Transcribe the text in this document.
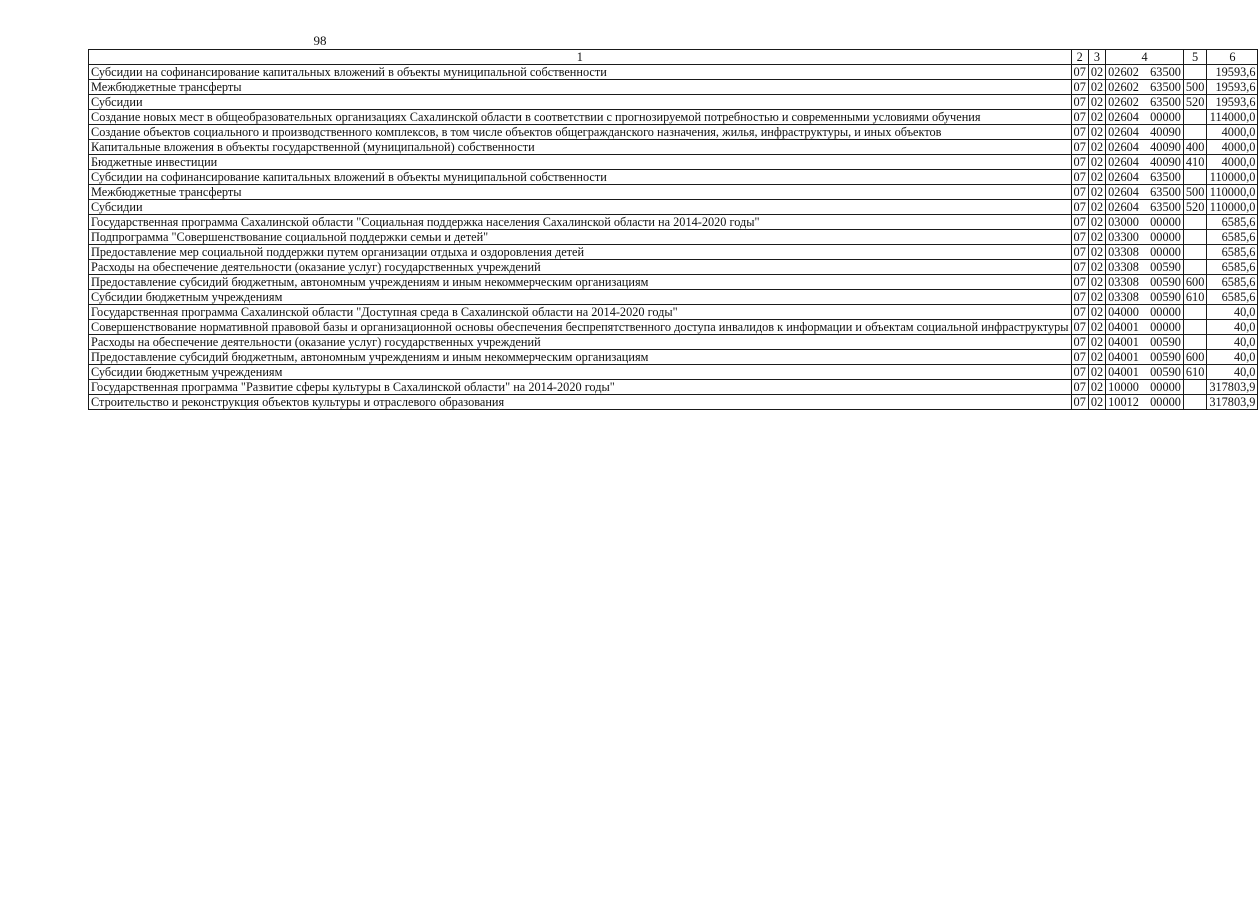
98
1	2	3	4	5	6
Субсидии на софинансирование капитальных вложений в объекты муниципальной собственности	07	02	02602 63500		19593,6
Межбюджетные трансферты	07	02	02602 63500	500	19593,6
Субсидии	07	02	02602 63500	520	19593,6
Создание новых мест в общеобразовательных организациях Сахалинской области в соответствии с прогнозируемой потребностью и современными условиями обучения	07	02	02604 00000		114000,0
Создание объектов социального и производственного комплексов, в том числе объектов общегражданского назначения, жилья, инфраструктуры, и иных объектов	07	02	02604 40090		4000,0
Капитальные вложения в объекты государственной (муниципальной) собственности	07	02	02604 40090	400	4000,0
Бюджетные инвестиции	07	02	02604 40090	410	4000,0
Субсидии на софинансирование капитальных вложений в объекты муниципальной собственности	07	02	02604 63500		110000,0
Межбюджетные трансферты	07	02	02604 63500	500	110000,0
Субсидии	07	02	02604 63500	520	110000,0
Государственная программа Сахалинской области "Социальная поддержка населения Сахалинской области на 2014-2020 годы"	07	02	03000 00000		6585,6
Подпрограмма "Совершенствование социальной поддержки семьи и детей"	07	02	03300 00000		6585,6
Предоставление мер социальной поддержки путем организации отдыха и оздоровления детей	07	02	03308 00000		6585,6
Расходы на обеспечение деятельности (оказание услуг) государственных учреждений	07	02	03308 00590		6585,6
Предоставление субсидий бюджетным, автономным учреждениям и иным некоммерческим организациям	07	02	03308 00590	600	6585,6
Субсидии бюджетным учреждениям	07	02	03308 00590	610	6585,6
Государственная программа Сахалинской области "Доступная среда в Сахалинской области на 2014-2020 годы"	07	02	04000 00000		40,0
Совершенствование нормативной правовой базы и организационной основы обеспечения беспрепятственного доступа инвалидов к информации и объектам социальной инфраструктуры	07	02	04001 00000		40,0
Расходы на обеспечение деятельности (оказание услуг) государственных учреждений	07	02	04001 00590		40,0
Предоставление субсидий бюджетным, автономным учреждениям и иным некоммерческим организациям	07	02	04001 00590	600	40,0
Субсидии бюджетным учреждениям	07	02	04001 00590	610	40,0
Государственная программа "Развитие сферы культуры в Сахалинской области" на 2014-2020 годы"	07	02	10000 00000		317803,9
Строительство и реконструкция объектов культуры и отраслевого образования	07	02	10012 00000		317803,9
